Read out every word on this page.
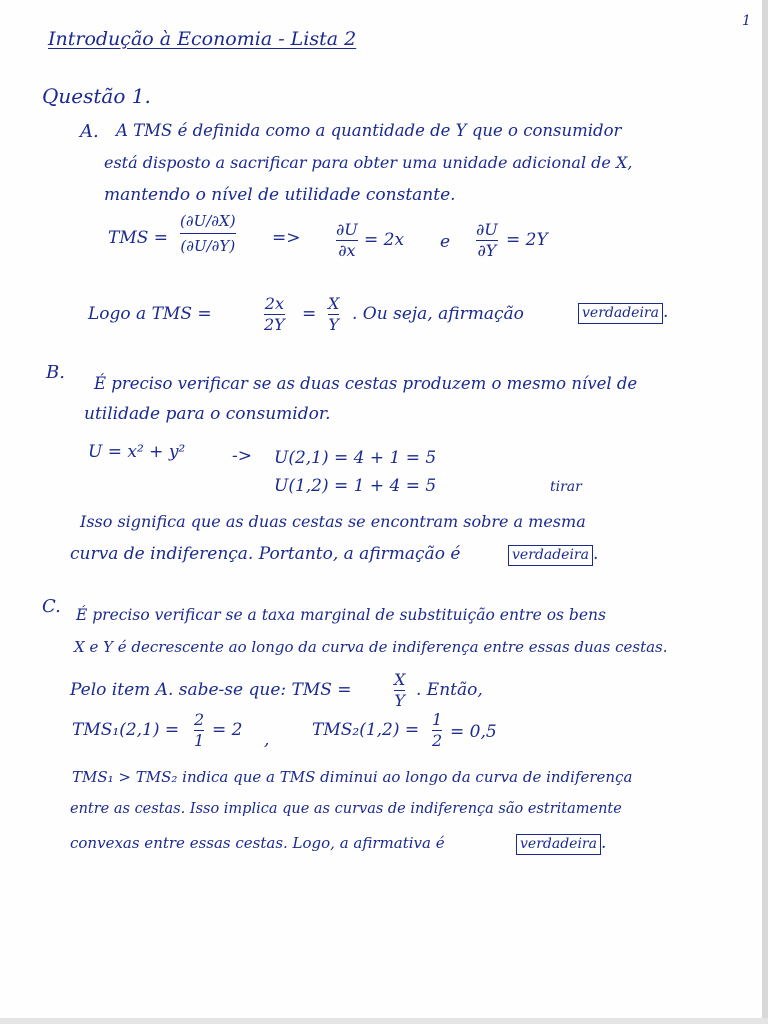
1
Introdução à Economia - Lista 2
Questão 1.
A. A TMS é definida como a quantidade de Y que o consumidor
está disposto a sacrificar para obter uma unidade adicional de X,
mantendo o nível de utilidade constante.
TMS =
(∂U/∂X)
(∂U/∂Y) => ∂U
∂x
= 2x e
∂U
∂Y
= 2Y
Logo a TMS =
2x
2Y
=
X
Y
. Ou seja, afirmação	verdadeira .
B.
É preciso verificar se as duas cestas produzem o mesmo nível de
utilidade para o consumidor.
U = x² + y²	-> U(2,1) = 4 + 1 = 5
U(1,2) = 1 + 4 = 5	tirar
Isso significa que as duas cestas se encontram sobre a mesma
curva de indiferença. Portanto, a afirmação é	verdadeira .
C. É preciso verificar se a taxa marginal de substituição entre os bens
X e Y é decrescente ao longo da curva de indiferença entre essas duas cestas.
Pelo item A. sabe-se que: TMS =
X
Y
. Então,
TMS₁(2,1) =
2
1
= 2 ,	TMS₂(1,2) =
1
2 = 0,5
TMS₁ > TMS₂ indica que a TMS diminui ao longo da curva de indiferença
entre as cestas. Isso implica que as curvas de indiferença são estritamente
convexas entre essas cestas. Logo, a afirmativa é	verdadeira .
